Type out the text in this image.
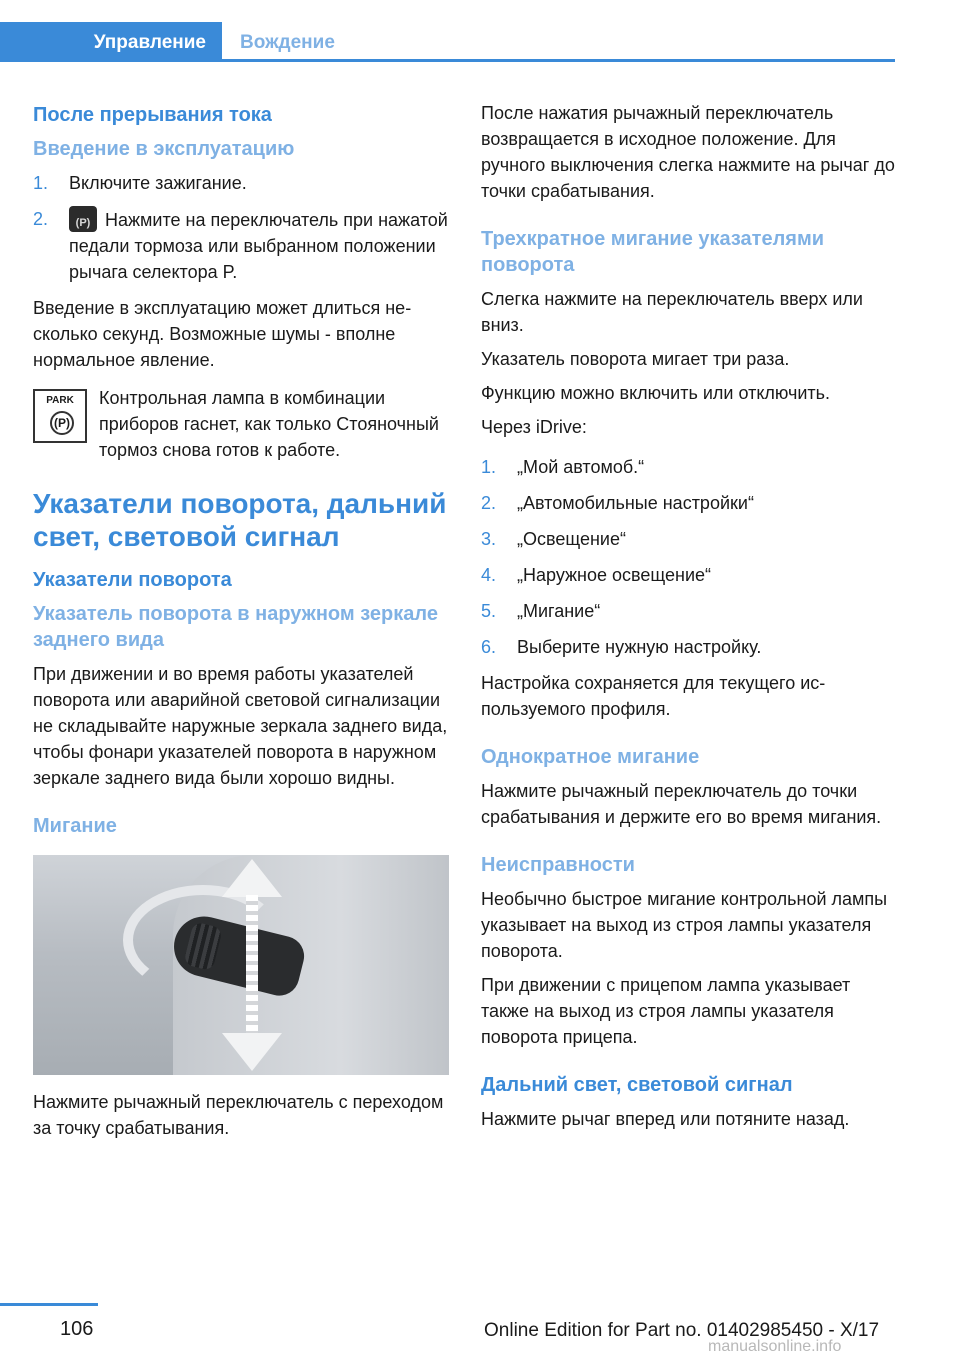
Управление	Вождение
После прерывания тока
Введение в эксплуатацию
1. Включите зажигание.
2.
(P)	Нажмите на переключатель при нажатой педали тормоза или выбранном положении рычага селектора P.

Введение в эксплуатацию может длиться несколько секунд. Возможные шумы - вполне нормальное явление.

PARK
(P)

Контрольная лампа в комбинации приборов гаснет, как только Стояночный тормоз снова готов к работе.

Указатели поворота, дальний свет, световой сигнал
Указатели поворота
Указатель поворота в наружном зеркале заднего вида

При движении и во время работы указателей поворота или аварийной световой сигнализации не складывайте наружные зеркала заднего вида, чтобы фонари указателей поворота в наружном зеркале заднего вида были хорошо видны.

Мигание

Нажмите рычажный переключатель с переходом за точку срабатывания.

После нажатия рычажный переключатель возвращается в исходное положение. Для ручного выключения слегка нажмите на рычаг до точки срабатывания.

Трехкратное мигание указателями поворота

Слегка нажмите на переключатель вверх или вниз.

Указатель поворота мигает три раза.

Функцию можно включить или отключить.

Через iDrive:

1. „Мой автомоб.“
2. „Автомобильные настройки“
3. „Освещение“
4. „Наружное освещение“
5. „Мигание“
6. Выберите нужную настройку.

Настройка сохраняется для текущего используемого профиля.

Однократное мигание

Нажмите рычажный переключатель до точки срабатывания и держите его во время мигания.

Неисправности

Необычно быстрое мигание контрольной лампы указывает на выход из строя лампы указателя поворота.

При движении с прицепом лампа указывает также на выход из строя лампы указателя поворота прицепа.

Дальний свет, световой сигнал

Нажмите рычаг вперед или потяните назад.

106	Online Edition for Part no. 01402985450 - X/17
manualsonline.info
